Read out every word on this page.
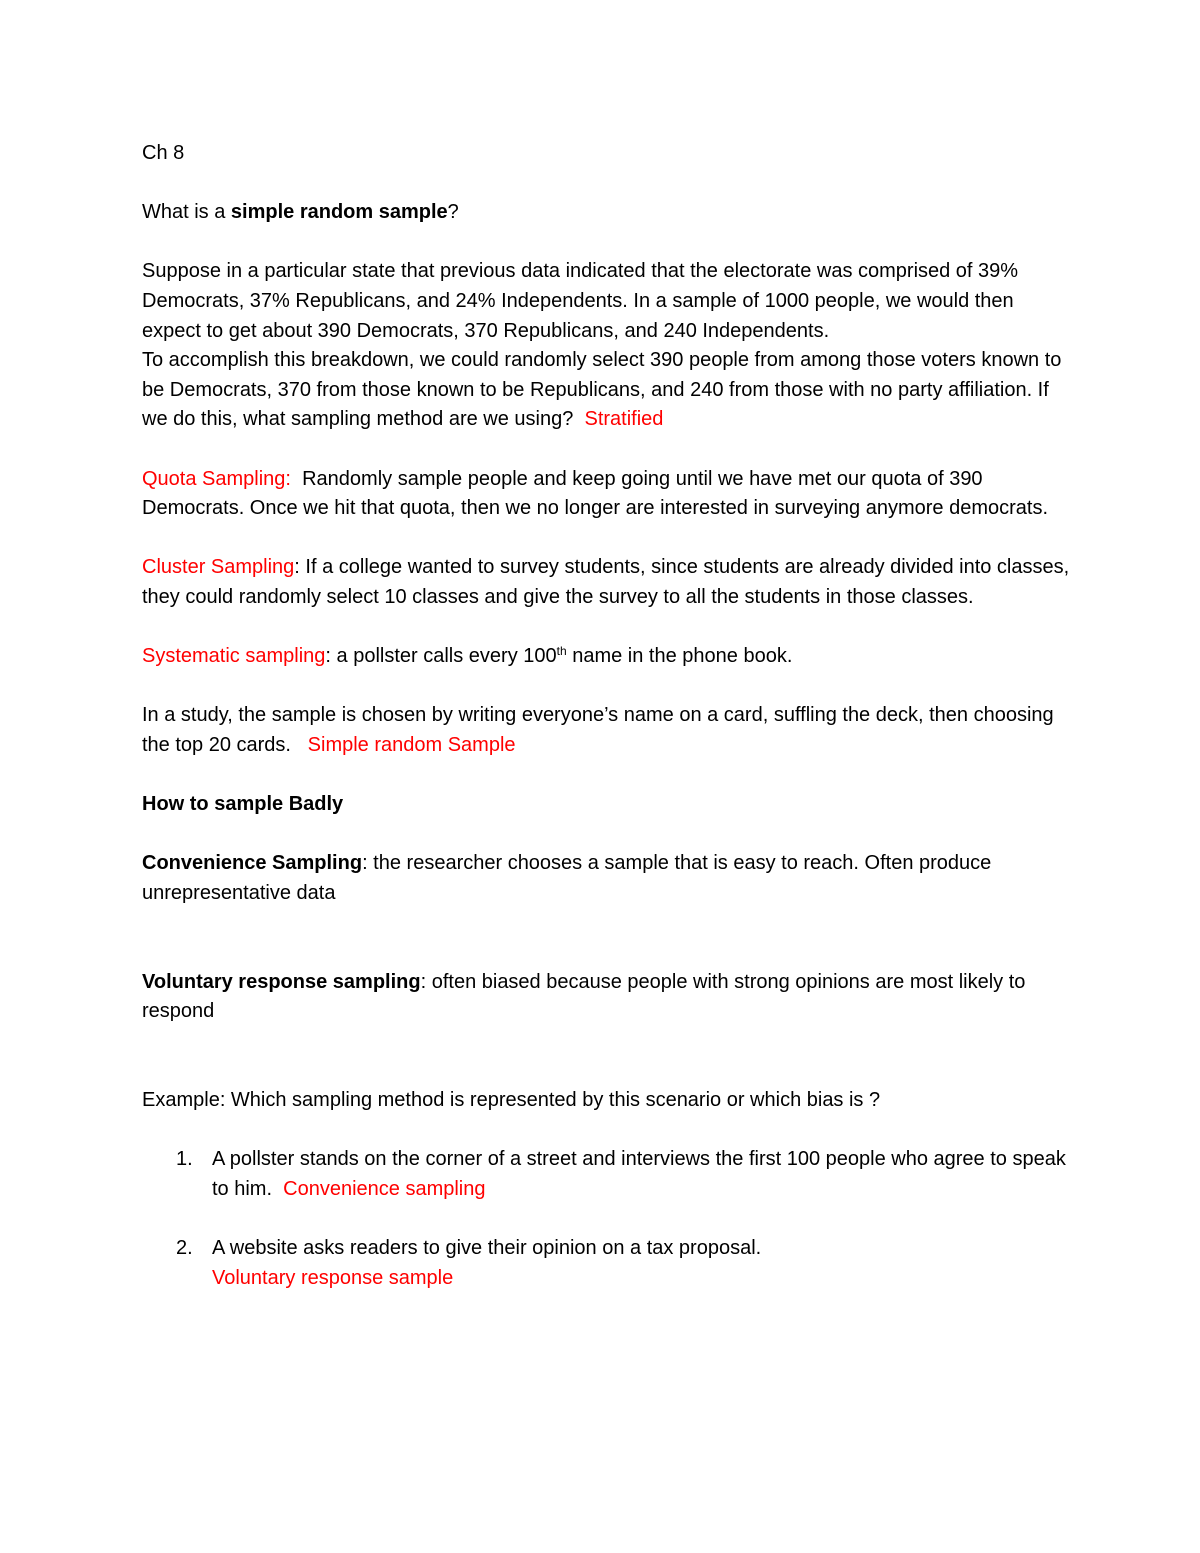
Ch 8

What is a simple random sample?

Suppose in a particular state that previous data indicated that the electorate was comprised of 39% Democrats, 37% Republicans, and 24% Independents. In a sample of 1000 people, we would then expect to get about 390 Democrats, 370 Republicans, and 240 Independents.
To accomplish this breakdown, we could randomly select 390 people from among those voters known to be Democrats, 370 from those known to be Republicans, and 240 from those with no party affiliation. If we do this, what sampling method are we using? Stratified

Quota Sampling: Randomly sample people and keep going until we have met our quota of 390 Democrats. Once we hit that quota, then we no longer are interested in surveying anymore democrats.

Cluster Sampling: If a college wanted to survey students, since students are already divided into classes, they could randomly select 10 classes and give the survey to all the students in those classes.

Systematic sampling: a pollster calls every 100th name in the phone book.

In a study, the sample is chosen by writing everyone’s name on a card, suffling the deck, then choosing the top 20 cards. Simple random Sample

How to sample Badly

Convenience Sampling: the researcher chooses a sample that is easy to reach. Often produce unrepresentative data

Voluntary response sampling: often biased because people with strong opinions are most likely to respond

Example: Which sampling method is represented by this scenario or which bias is ?

1. A pollster stands on the corner of a street and interviews the first 100 people who agree to speak to him. Convenience sampling
2. A website asks readers to give their opinion on a tax proposal.
Voluntary response sample
